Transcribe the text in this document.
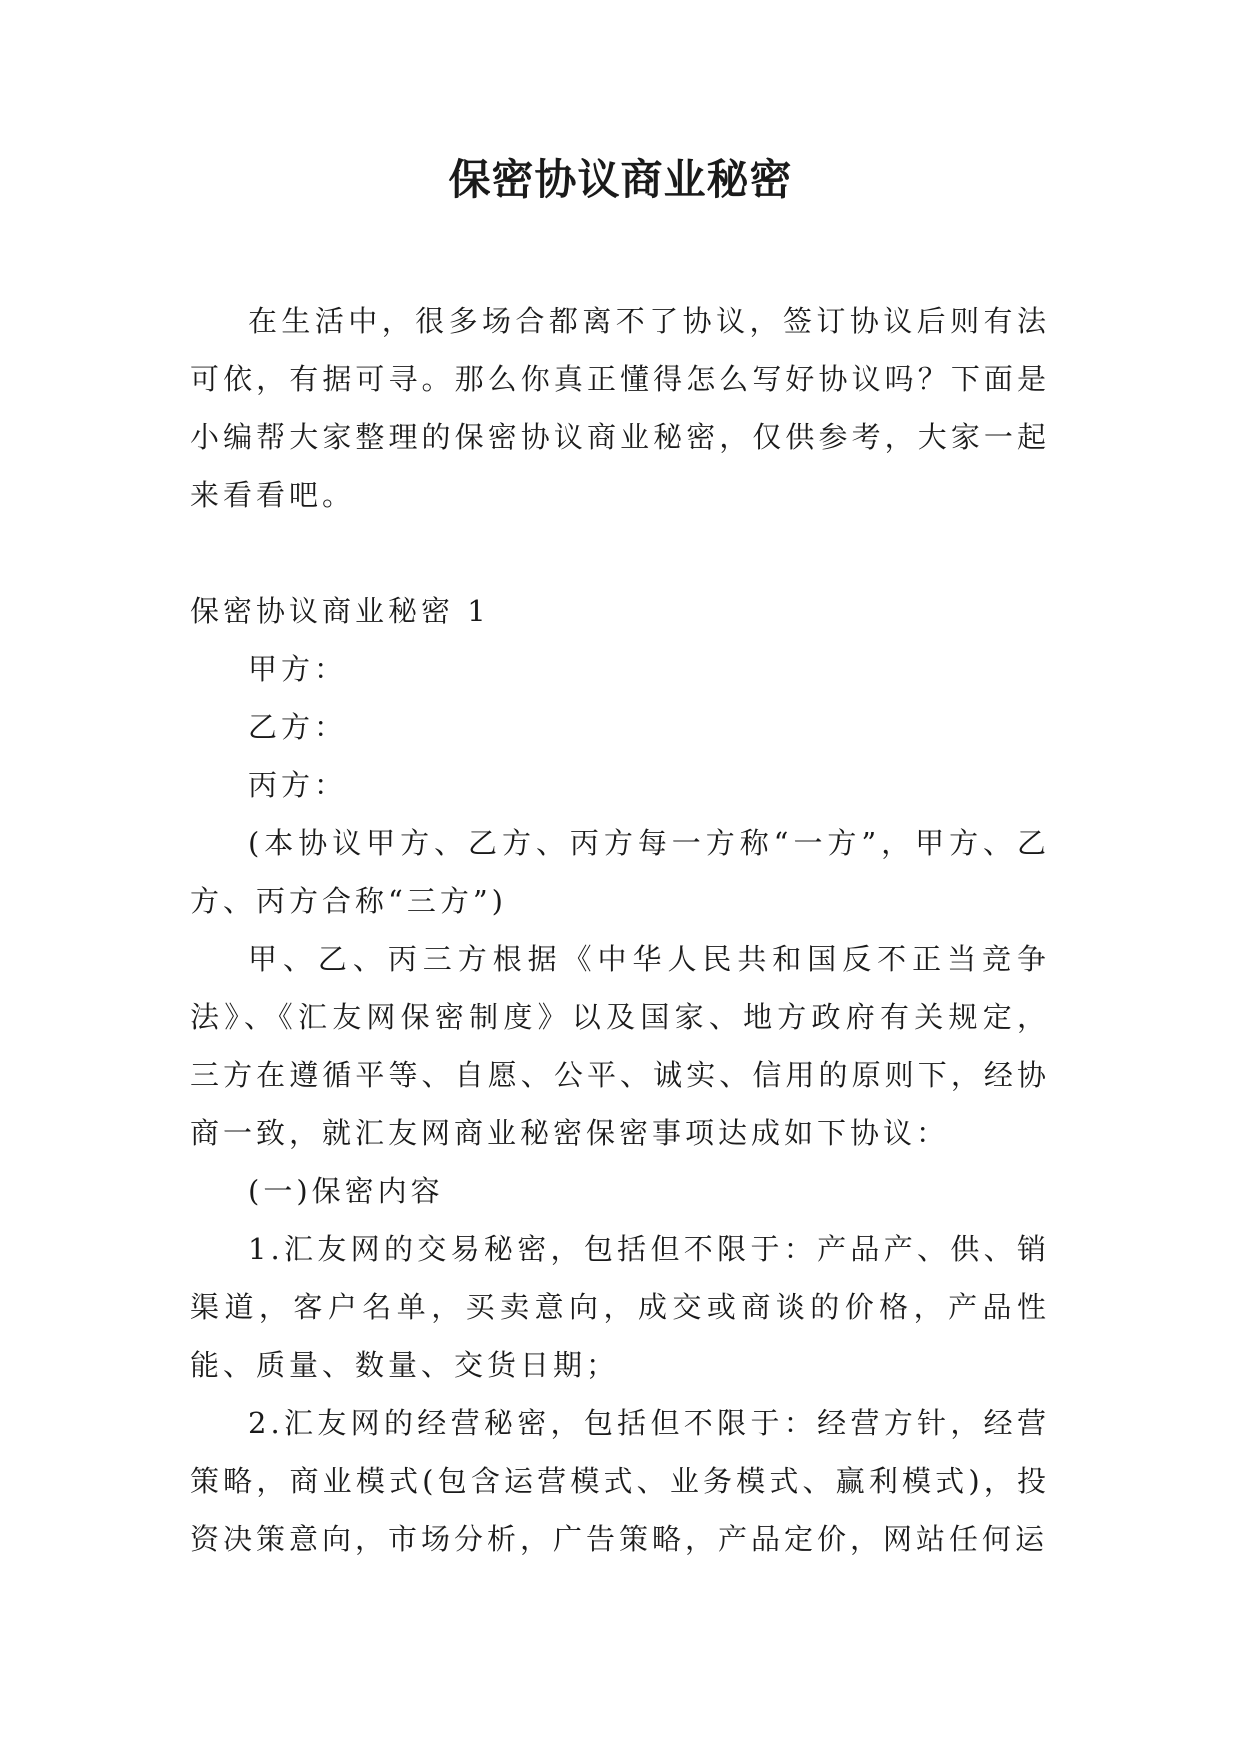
保密协议商业秘密

在生活中，很多场合都离不了协议，签订协议后则有法可依，有据可寻。那么你真正懂得怎么写好协议吗？下面是小编帮大家整理的保密协议商业秘密，仅供参考，大家一起来看看吧。

保密协议商业秘密 1

甲方：

乙方：

丙方：

(本协议甲方、乙方、丙方每一方称“一方”，甲方、乙方、丙方合称“三方”)

甲、乙、丙三方根据《中华人民共和国反不正当竞争法》、《汇友网保密制度》以及国家、地方政府有关规定，三方在遵循平等、自愿、公平、诚实、信用的原则下，经协商一致，就汇友网商业秘密保密事项达成如下协议：

(一)保密内容

1.汇友网的交易秘密，包括但不限于：产品产、供、销渠道，客户名单，买卖意向，成交或商谈的价格，产品性能、质量、数量、交货日期；

2.汇友网的经营秘密，包括但不限于：经营方针，经营策略，商业模式(包含运营模式、业务模式、赢利模式)，投资决策意向，市场分析，广告策略，产品定价，网站任何运
